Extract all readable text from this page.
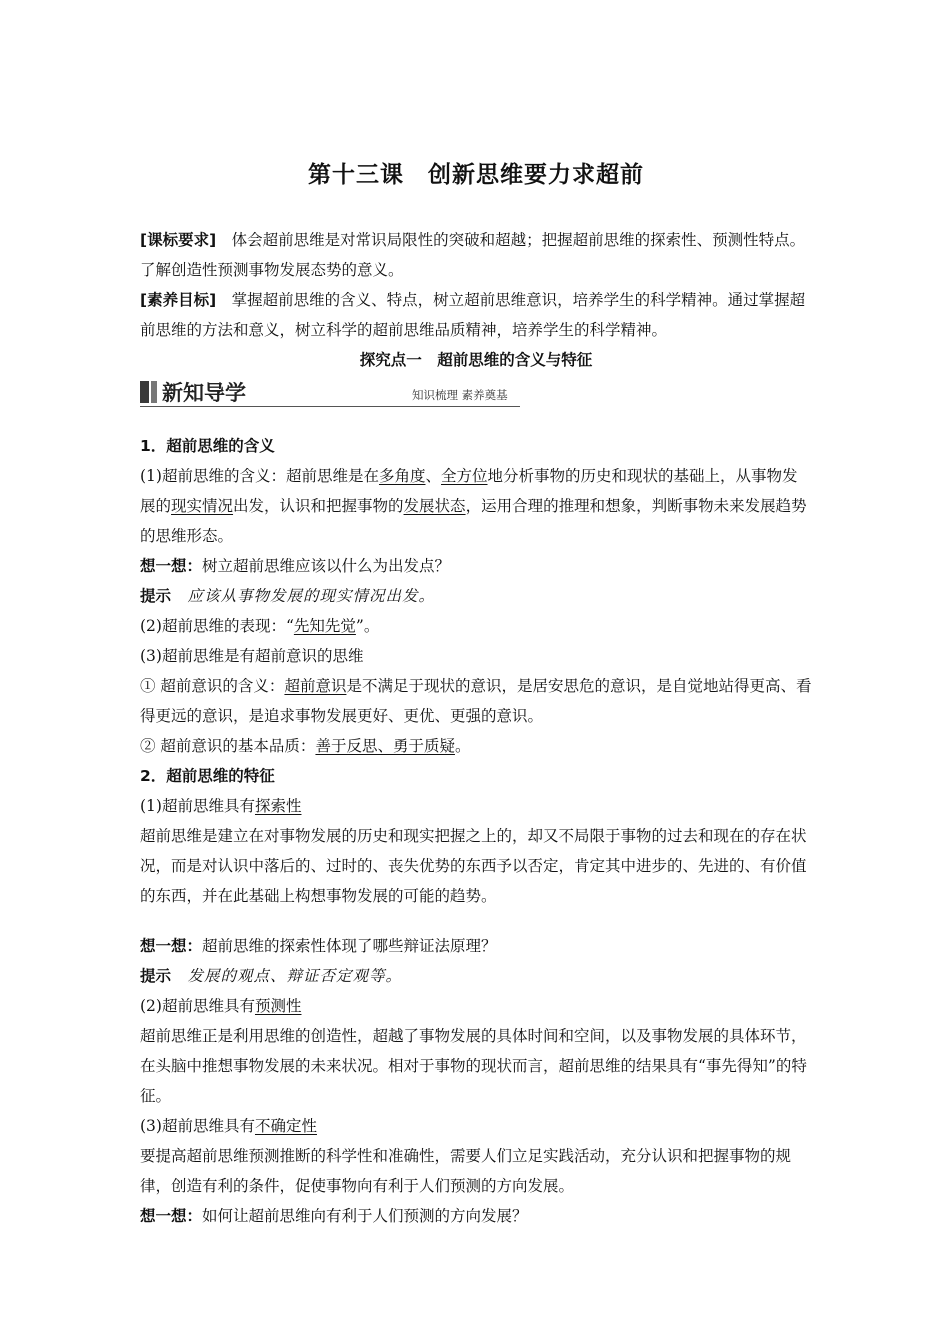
第十三课　创新思维要力求超前

[课标要求]　体会超前思维是对常识局限性的突破和超越；把握超前思维的探索性、预测性特点。了解创造性预测事物发展态势的意义。

[素养目标]　掌握超前思维的含义、特点，树立超前思维意识，培养学生的科学精神。通过掌握超前思维的方法和意义，树立科学的超前思维品质精神，培养学生的科学精神。

探究点一　超前思维的含义与特征

新知导学	知识梳理 素养奠基

1．超前思维的含义

(1)超前思维的含义：超前思维是在多角度、全方位地分析事物的历史和现状的基础上，从事物发展的现实情况出发，认识和把握事物的发展状态，运用合理的推理和想象，判断事物未来发展趋势的思维形态。

想一想：树立超前思维应该以什么为出发点？

提示　应该从事物发展的现实情况出发。

(2)超前思维的表现：“先知先觉”。

(3)超前思维是有超前意识的思维

① 超前意识的含义：超前意识是不满足于现状的意识，是居安思危的意识，是自觉地站得更高、看得更远的意识，是追求事物发展更好、更优、更强的意识。

② 超前意识的基本品质：善于反思、勇于质疑。

2．超前思维的特征

(1)超前思维具有探索性

超前思维是建立在对事物发展的历史和现实把握之上的，却又不局限于事物的过去和现在的存在状况，而是对认识中落后的、过时的、丧失优势的东西予以否定，肯定其中进步的、先进的、有价值的东西，并在此基础上构想事物发展的可能的趋势。

想一想：超前思维的探索性体现了哪些辩证法原理？

提示　发展的观点、辩证否定观等。

(2)超前思维具有预测性

超前思维正是利用思维的创造性，超越了事物发展的具体时间和空间，以及事物发展的具体环节，在头脑中推想事物发展的未来状况。相对于事物的现状而言，超前思维的结果具有“事先得知”的特征。

(3)超前思维具有不确定性

要提高超前思维预测推断的科学性和准确性，需要人们立足实践活动，充分认识和把握事物的规律，创造有利的条件，促使事物向有利于人们预测的方向发展。

想一想：如何让超前思维向有利于人们预测的方向发展？
